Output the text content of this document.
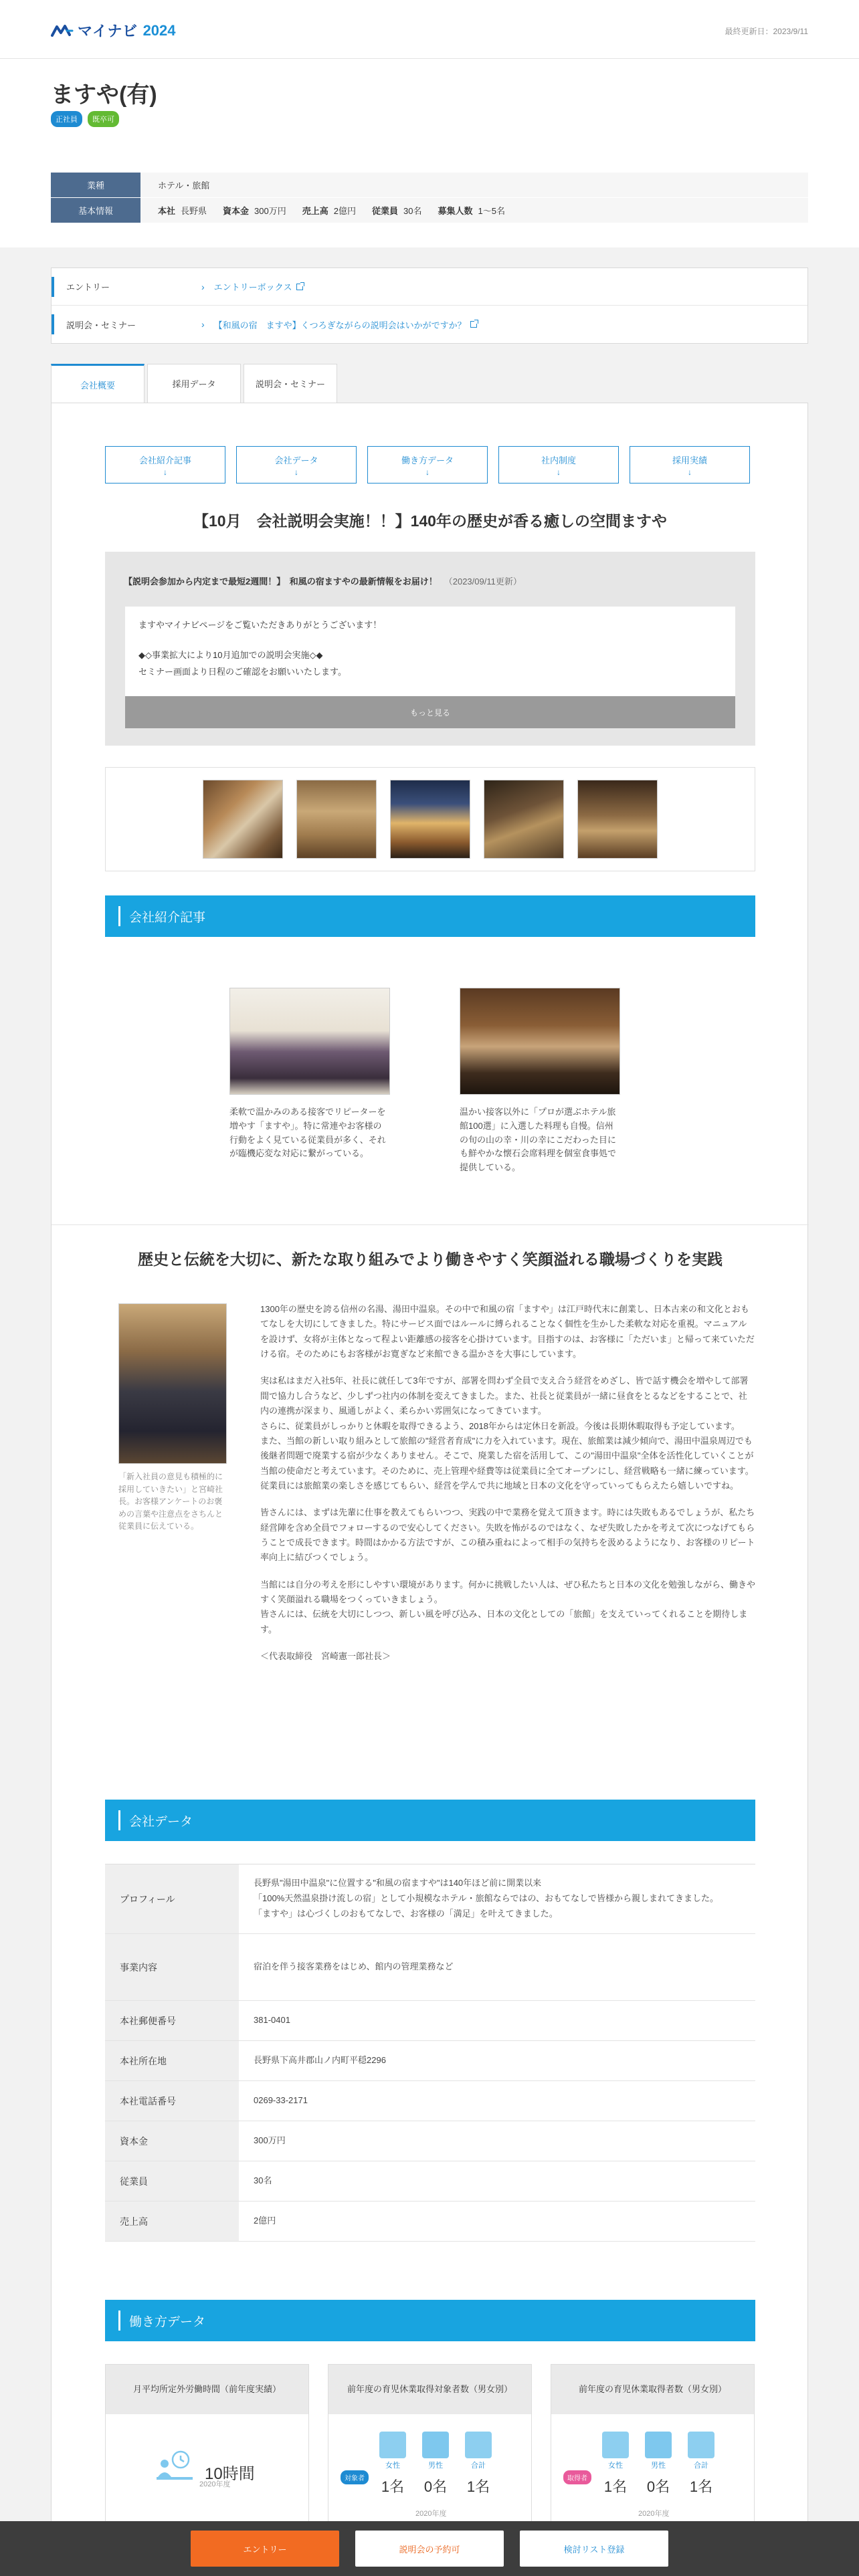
マイナビ 2024	最終更新日：2023/9/11
ますや(有)
正社員	既卒可
業種	ホテル・旅館
基本情報	本社 長野県 資本金 300万円 売上高 2億円 従業員 30名 募集人数 1〜5名
エントリー	› エントリーボックス
説明会・セミナー	› 【和風の宿　ますや】くつろぎながらの説明会はいかがですか？
会社概要	採用データ	説明会・セミナー
会社紹介記事
↓
会社データ
↓
働き方データ
↓
社内制度
↓
採用実績
↓
【10月　会社説明会実施！！】140年の歴史が香る癒しの空間ますや
【説明会参加から内定まで最短2週間！】　和風の宿ますやの最新情報をお届け！ （2023/09/11更新）

ますやマイナビページをご覧いただきありがとうございます！

◆◇事業拡大により10月追加での説明会実施◇◆

セミナー画面より日程のご確認をお願いいたします。

もっと見る
会社紹介記事

柔軟で温かみのある接客でリピーターを増やす「ますや」。特に常連やお客様の行動をよく見ている従業員が多く、それが臨機応変な対応に繋がっている。

温かい接客以外に「プロが選ぶホテル旅館100選」に入選した料理も自慢。信州の旬の山の幸・川の幸にこだわった目にも鮮やかな懐石会席料理を個室食事処で提供している。

歴史と伝統を大切に、新たな取り組みでより働きやすく笑顔溢れる職場づくりを実践

「新入社員の意見も積極的に採用していきたい」と宮崎社長。お客様アンケートのお褒めの言葉や注意点をさちんと従業員に伝えている。

1300年の歴史を誇る信州の名湯、湯田中温泉。その中で和風の宿「ますや」は江戸時代末に創業し、日本古来の和文化とおもてなしを大切にしてきました。特にサービス面ではルールに縛られることなく個性を生かした柔軟な対応を重視。マニュアルを設けず、女将が主体となって程よい距離感の接客を心掛けています。目指すのは、お客様に「ただいま」と帰って来ていただける宿。そのためにもお客様がお寛ぎなど来館できる温かさを大事にしています。

実は私はまだ入社5年、社長に就任して3年ですが、部署を問わず全員で支え合う経営をめざし、皆で話す機会を増やして部署間で協力し合うなど、少しずつ社内の体制を変えてきました。また、社長と従業員が一緒に昼食をとるなどをすることで、社内の連携が深まり、風通しがよく、柔らかい雰囲気になってきています。
さらに、従業員がしっかりと休暇を取得できるよう、2018年からは定休日を新設。今後は長期休暇取得も予定しています。
また、当館の新しい取り組みとして旅館の"経営者育成"に力を入れています。現在、旅館業は減少傾向で、湯田中温泉周辺でも後継者問題で廃業する宿が少なくありません。そこで、廃業した宿を活用して、この"湯田中温泉"全体を活性化していくことが当館の使命だと考えています。そのために、売上管理や経費等は従業員に全てオープンにし、経営戦略も一緒に練っています。従業員には旅館業の楽しさを感じてもらい、経営を学んで共に地域と日本の文化を守っていってもらえたら嬉しいですね。

皆さんには、まずは先輩に仕事を教えてもらいつつ、実践の中で業務を覚えて頂きます。時には失敗もあるでしょうが、私たち経営陣を含め全員でフォローするので安心してください。失敗を怖がるのではなく、なぜ失敗したかを考えて次につなげてもらうことで成長できます。時間はかかる方法ですが、この積み重ねによって相手の気持ちを汲めるようになり、お客様のリピート率向上に結びつくでしょう。

当館には自分の考えを形にしやすい環境があります。何かに挑戦したい人は、ぜひ私たちと日本の文化を勉強しながら、働きやすく笑顔溢れる職場をつくっていきましょう。
皆さんには、伝統を大切にしつつ、新しい風を呼び込み、日本の文化としての「旅館」を支えていってくれることを期待します。

＜代表取締役　宮崎憲一郎社長＞

会社データ
プロフィール
長野県"湯田中温泉"に位置する"和風の宿ますや"は140年ほど前に開業以来
「100%天然温泉掛け流しの宿」として小規模なホテル・旅館ならではの、おもてなしで皆様から親しまれてきました。
「ますや」は心づくしのおもてなしで、お客様の「満足」を叶えてきました。
事業内容	宿泊を伴う接客業務をはじめ、館内の管理業務など
本社郵便番号	381-0401
本社所在地	長野県下高井郡山ノ内町平穏2296
本社電話番号	0269-33-2171
資本金	300万円
従業員	30名
売上高	2億円
働き方データ
月平均所定外労働時間（前年度実績）
10時間
2020年度
前年度の育児休業取得対象者数（男女別）
対象者
女性
1名
男性
0名
合計
1名
2020年度
前年度の育児休業取得者数（男女別）
取得者
女性
1名
男性
0名
合計
1名
2020年度
エントリー	説明会の予約可	検討リスト登録
